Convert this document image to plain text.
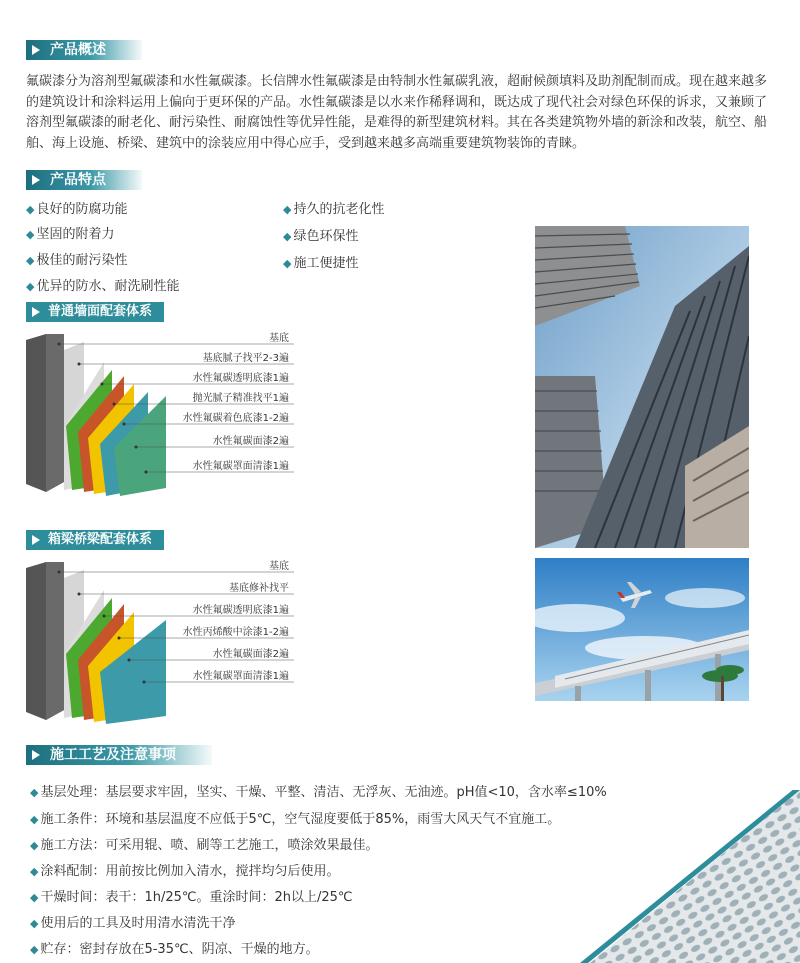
产品概述
氟碳漆分为溶剂型氟碳漆和水性氟碳漆。长信牌水性氟碳漆是由特制水性氟碳乳液，超耐候颜填料及助剂配制而成。现在越来越多的建筑设计和涂料运用上偏向于更环保的产品。水性氟碳漆是以水来作稀释调和，既达成了现代社会对绿色环保的诉求，又兼顾了溶剂型氟碳漆的耐老化、耐污染性、耐腐蚀性等优异性能，是难得的新型建筑材料。其在各类建筑物外墙的新涂和改装，航空、船舶、海上设施、桥梁、建筑中的涂装应用中得心应手，受到越来越多高端重要建筑物装饰的青睐。
产品特点
◆ 良好的防腐功能
◆ 坚固的附着力
◆ 极佳的耐污染性
◆ 优异的防水、耐洗刷性能
◆ 持久的抗老化性
◆ 绿色环保性
◆ 施工便捷性
普通墙面配套体系
基底
基底腻子找平2-3遍
水性氟碳透明底漆1遍
抛光腻子精准找平1遍
水性氟碳着色底漆1-2遍
水性氟碳面漆2遍
水性氟碳罩面清漆1遍
箱梁桥梁配套体系
基底
基底修补找平
水性氟碳透明底漆1遍
水性丙烯酸中涂漆1-2遍
水性氟碳面漆2遍
水性氟碳罩面清漆1遍
施工工艺及注意事项
◆ 基层处理：基层要求牢固，坚实、干燥、平整、清洁、无浮灰、无油迹。pH值<10，含水率≤10%
◆ 施工条件：环境和基层温度不应低于5℃，空气湿度要低于85%，雨雪大风天气不宜施工。
◆ 施工方法：可采用辊、喷、刷等工艺施工，喷涂效果最佳。
◆ 涂料配制：用前按比例加入清水，搅拌均匀后使用。
◆ 干燥时间：表干：1h/25℃。重涂时间：2h以上/25℃
◆ 使用后的工具及时用清水清洗干净
◆ 贮存：密封存放在5-35℃、阴凉、干燥的地方。
